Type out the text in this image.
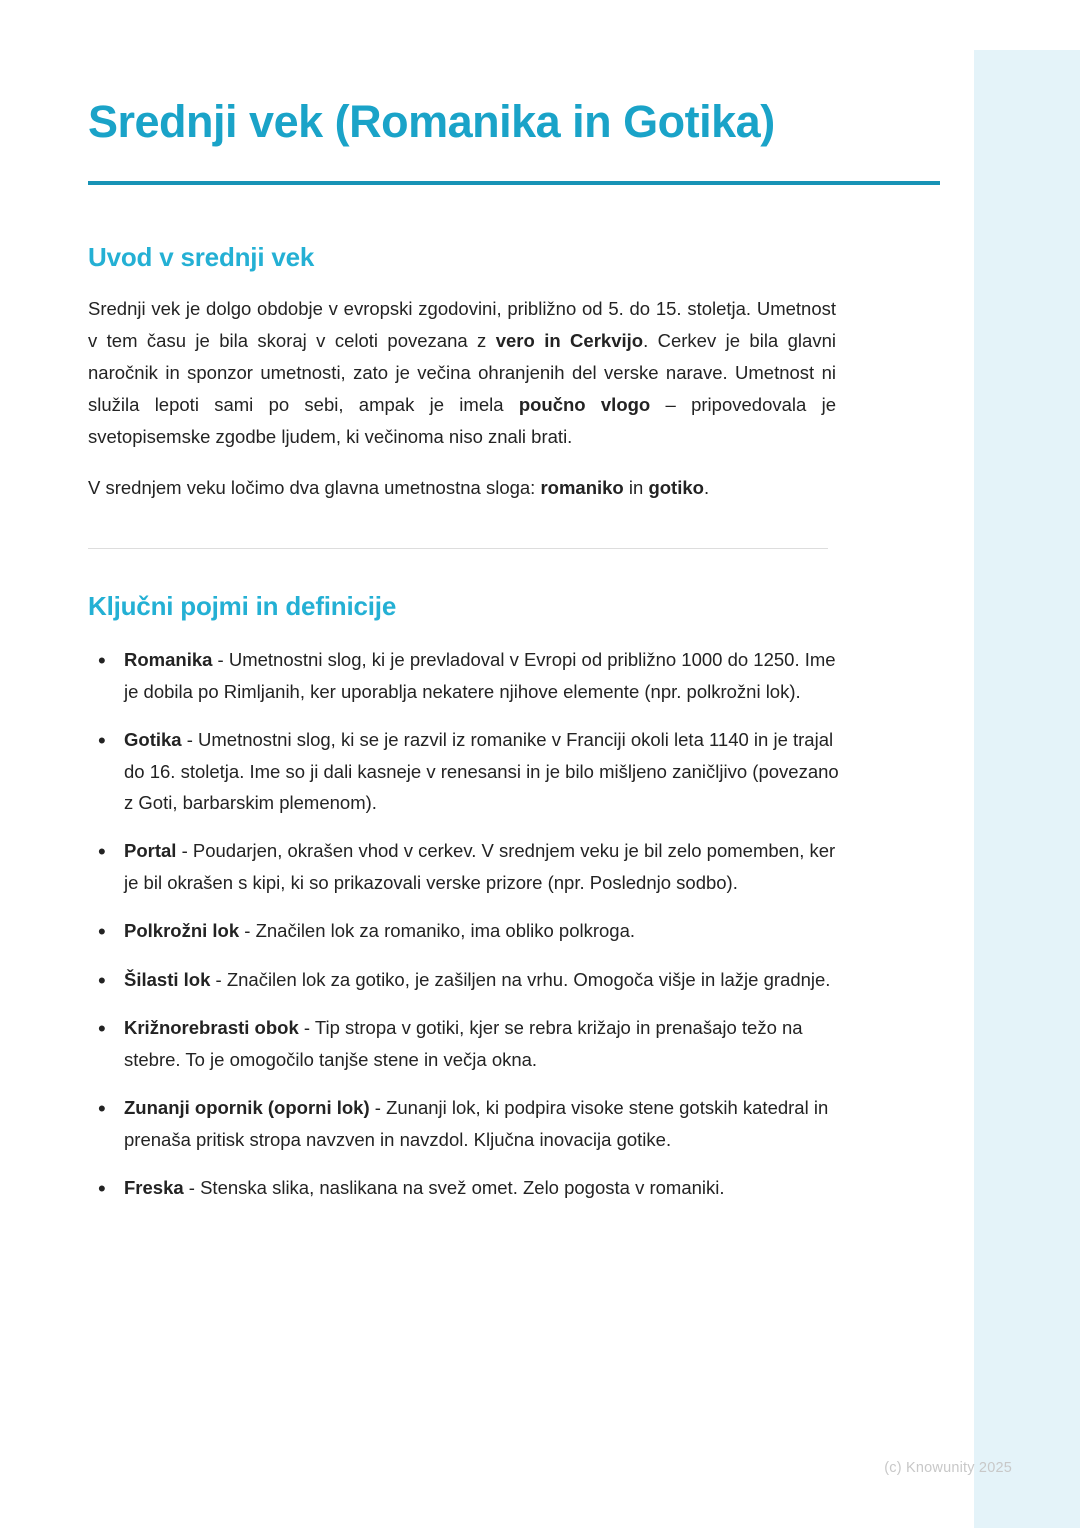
Srednji vek (Romanika in Gotika)
Uvod v srednji vek

Srednji vek je dolgo obdobje v evropski zgodovini, približno od 5. do 15. stoletja. Umetnost v tem času je bila skoraj v celoti povezana z vero in Cerkvijo. Cerkev je bila glavni naročnik in sponzor umetnosti, zato je večina ohranjenih del verske narave. Umetnost ni služila lepoti sami po sebi, ampak je imela poučno vlogo – pripovedovala je svetopisemske zgodbe ljudem, ki večinoma niso znali brati.

V srednjem veku ločimo dva glavna umetnostna sloga: romaniko in gotiko.

Ključni pojmi in definicije
• Romanika - Umetnostni slog, ki je prevladoval v Evropi od približno 1000 do 1250. Ime je dobila po Rimljanih, ker uporablja nekatere njihove elemente (npr. polkrožni lok).
• Gotika - Umetnostni slog, ki se je razvil iz romanike v Franciji okoli leta 1140 in je trajal do 16. stoletja. Ime so ji dali kasneje v renesansi in je bilo mišljeno zaničljivo (povezano z Goti, barbarskim plemenom).
• Portal - Poudarjen, okrašen vhod v cerkev. V srednjem veku je bil zelo pomemben, ker je bil okrašen s kipi, ki so prikazovali verske prizore (npr. Poslednjo sodbo).
• Polkrožni lok - Značilen lok za romaniko, ima obliko polkroga.
• Šilasti lok - Značilen lok za gotiko, je zašiljen na vrhu. Omogoča višje in lažje gradnje.
• Križnorebrasti obok - Tip stropa v gotiki, kjer se rebra križajo in prenašajo težo na stebre. To je omogočilo tanjše stene in večja okna.
• Zunanji opornik (oporni lok) - Zunanji lok, ki podpira visoke stene gotskih katedral in prenaša pritisk stropa navzven in navzdol. Ključna inovacija gotike.
• Freska - Stenska slika, naslikana na svež omet. Zelo pogosta v romaniki.
(c) Knowunity 2025
